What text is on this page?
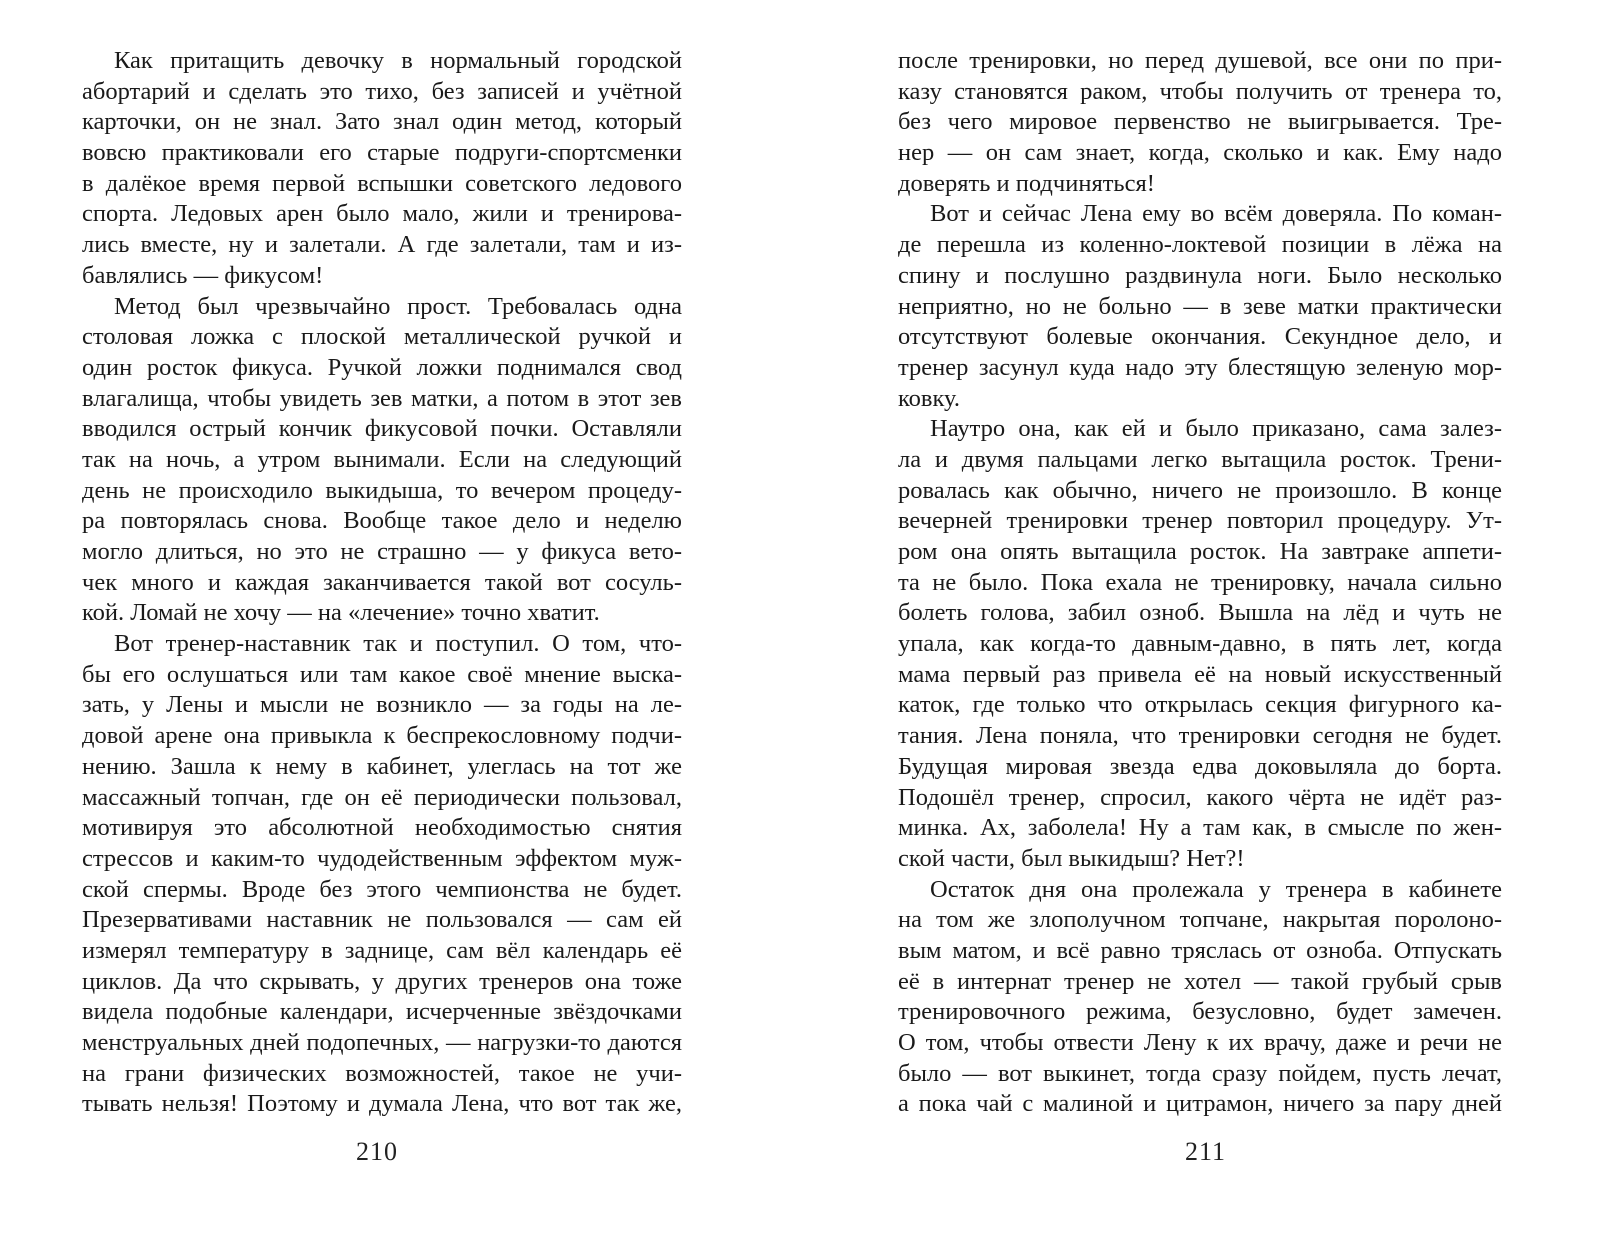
Как притащить девочку в нормальный городской
абортарий и сделать это тихо, без записей и учётной
карточки, он не знал. Зато знал один метод, который
вовсю практиковали его старые подруги-спортсменки
в далёкое время первой вспышки советского ледового
спорта. Ледовых арен было мало, жили и тренирова-
лись вместе, ну и залетали. А где залетали, там и из-
бавлялись — фикусом!
Метод был чрезвычайно прост. Требовалась одна
столовая ложка с плоской металлической ручкой и
один росток фикуса. Ручкой ложки поднимался свод
влагалища, чтобы увидеть зев матки, а потом в этот зев
вводился острый кончик фикусовой почки. Оставляли
так на ночь, а утром вынимали. Если на следующий
день не происходило выкидыша, то вечером процеду-
ра повторялась снова. Вообще такое дело и неделю
могло длиться, но это не страшно — у фикуса вето-
чек много и каждая заканчивается такой вот сосуль-
кой. Ломай не хочу — на «лечение» точно хватит.
Вот тренер-наставник так и поступил. О том, что-
бы его ослушаться или там какое своё мнение выска-
зать, у Лены и мысли не возникло — за годы на ле-
довой арене она привыкла к беспрекословному подчи-
нению. Зашла к нему в кабинет, улеглась на тот же
массажный топчан, где он её периодически пользовал,
мотивируя это абсолютной необходимостью снятия
стрессов и каким-то чудодейственным эффектом муж-
ской спермы. Вроде без этого чемпионства не будет.
Презервативами наставник не пользовался — сам ей
измерял температуру в заднице, сам вёл календарь её
циклов. Да что скрывать, у других тренеров она тоже
видела подобные календари, исчерченные звёздочками
менструальных дней подопечных, — нагрузки-то даются
на грани физических возможностей, такое не учи-
тывать нельзя! Поэтому и думала Лена, что вот так же,
после тренировки, но перед душевой, все они по при-
казу становятся раком, чтобы получить от тренера то,
без чего мировое первенство не выигрывается. Тре-
нер — он сам знает, когда, сколько и как. Ему надо
доверять и подчиняться!
Вот и сейчас Лена ему во всём доверяла. По коман-
де перешла из коленно-локтевой позиции в лёжа на
спину и послушно раздвинула ноги. Было несколько
неприятно, но не больно — в зеве матки практически
отсутствуют болевые окончания. Секундное дело, и
тренер засунул куда надо эту блестящую зеленую мор-
ковку.
Наутро она, как ей и было приказано, сама залез-
ла и двумя пальцами легко вытащила росток. Трени-
ровалась как обычно, ничего не произошло. В конце
вечерней тренировки тренер повторил процедуру. Ут-
ром она опять вытащила росток. На завтраке аппети-
та не было. Пока ехала не тренировку, начала сильно
болеть голова, забил озноб. Вышла на лёд и чуть не
упала, как когда-то давным-давно, в пять лет, когда
мама первый раз привела её на новый искусственный
каток, где только что открылась секция фигурного ка-
тания. Лена поняла, что тренировки сегодня не будет.
Будущая мировая звезда едва доковыляла до борта.
Подошёл тренер, спросил, какого чёрта не идёт раз-
минка. Ах, заболела! Ну а там как, в смысле по жен-
ской части, был выкидыш? Нет?!
Остаток дня она пролежала у тренера в кабинете
на том же злополучном топчане, накрытая поролоно-
вым матом, и всё равно тряслась от озноба. Отпускать
её в интернат тренер не хотел — такой грубый срыв
тренировочного режима, безусловно, будет замечен.
О том, чтобы отвести Лену к их врачу, даже и речи не
было — вот выкинет, тогда сразу пойдем, пусть лечат,
а пока чай с малиной и цитрамон, ничего за пару дней
210	211
